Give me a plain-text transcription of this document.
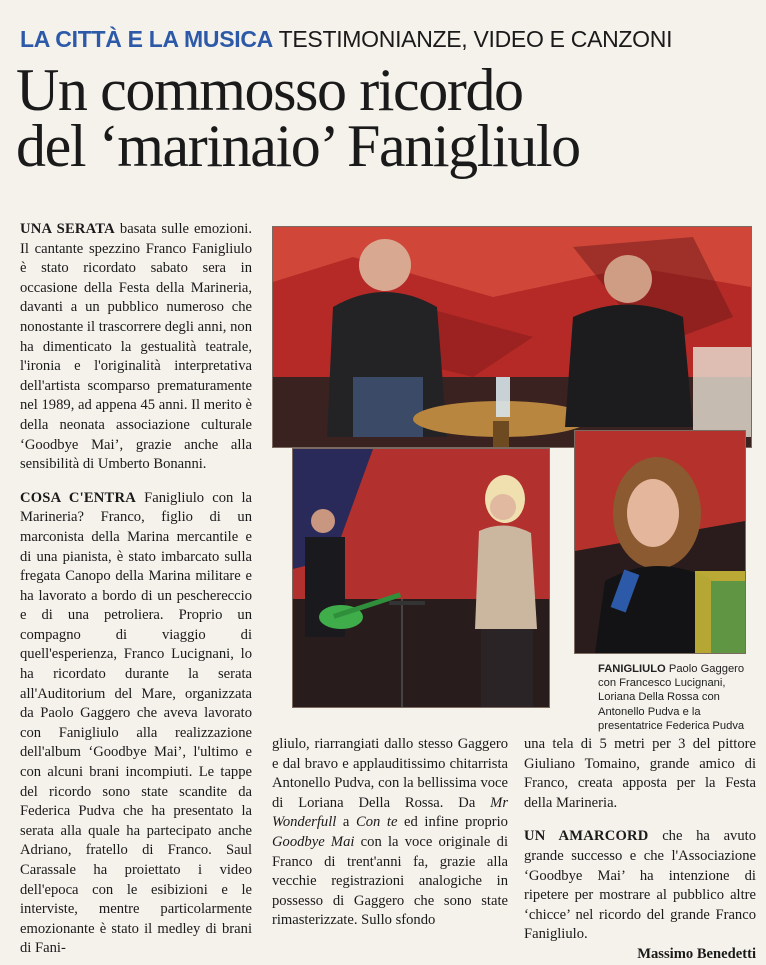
LA CITTÀ E LA MUSICA TESTIMONIANZE, VIDEO E CANZONI
Un commosso ricordo
del ‘marinaio’ Fanigliulo

UNA SERATA basata sulle emozioni. Il cantante spezzino Franco Fanigliulo è stato ricordato sabato sera in occasione della Festa della Marineria, davanti a un pubblico numeroso che nonostante il trascorrere degli anni, non ha dimenticato la gestualità teatrale, l'ironia e l'originalità interpretativa dell'artista scomparso prematuramente nel 1989, ad appena 45 anni. Il merito è della neonata associazione culturale ‘Goodbye Mai’, grazie anche alla sensibilità di Umberto Bonanni.

COSA C'ENTRA Fanigliulo con la Marineria? Franco, figlio di un marconista della Marina mercantile e di una pianista, è stato imbarcato sulla fregata Canopo della Marina militare e ha lavorato a bordo di un peschereccio e di una petroliera. Proprio un compagno di viaggio di quell'esperienza, Franco Lucignani, lo ha ricordato durante la serata all'Auditorium del Mare, organizzata da Paolo Gaggero che aveva lavorato con Fanigliulo alla realizzazione dell'album ‘Goodbye Mai’, l'ultimo e con alcuni brani incompiuti. Le tappe del ricordo sono state scandite da Federica Pudva che ha presentato la serata alla quale ha partecipato anche Adriano, fratello di Franco. Saul Carassale ha proiettato i video dell'epoca con le esibizioni e le interviste, mentre particolarmente emozionante è stato il medley di brani di Fani-

gliulo, riarrangiati dallo stesso Gaggero e dal bravo e applauditissimo chitarrista Antonello Pudva, con la bellissima voce di Loriana Della Rossa. Da Mr Wonderfull a Con te ed infine proprio Goodbye Mai con la voce originale di Franco di trent'anni fa, grazie alla vecchie registrazioni analogiche in possesso di Gaggero che sono state rimasterizzate. Sullo sfondo

una tela di 5 metri per 3 del pittore Giuliano Tomaino, grande amico di Franco, creata apposta per la Festa della Marineria.

UN AMARCORD che ha avuto grande successo e che l'Associazione ‘Goodbye Mai’ ha intenzione di ripetere per mostrare al pubblico altre ‘chicce’ nel ricordo del grande Franco Fanigliulo.

Massimo Benedetti
FANIGLIULO Paolo Gaggero con Francesco Lucignani, Loriana Della Rossa con Antonello Pudva e la presentatrice Federica Pudva
